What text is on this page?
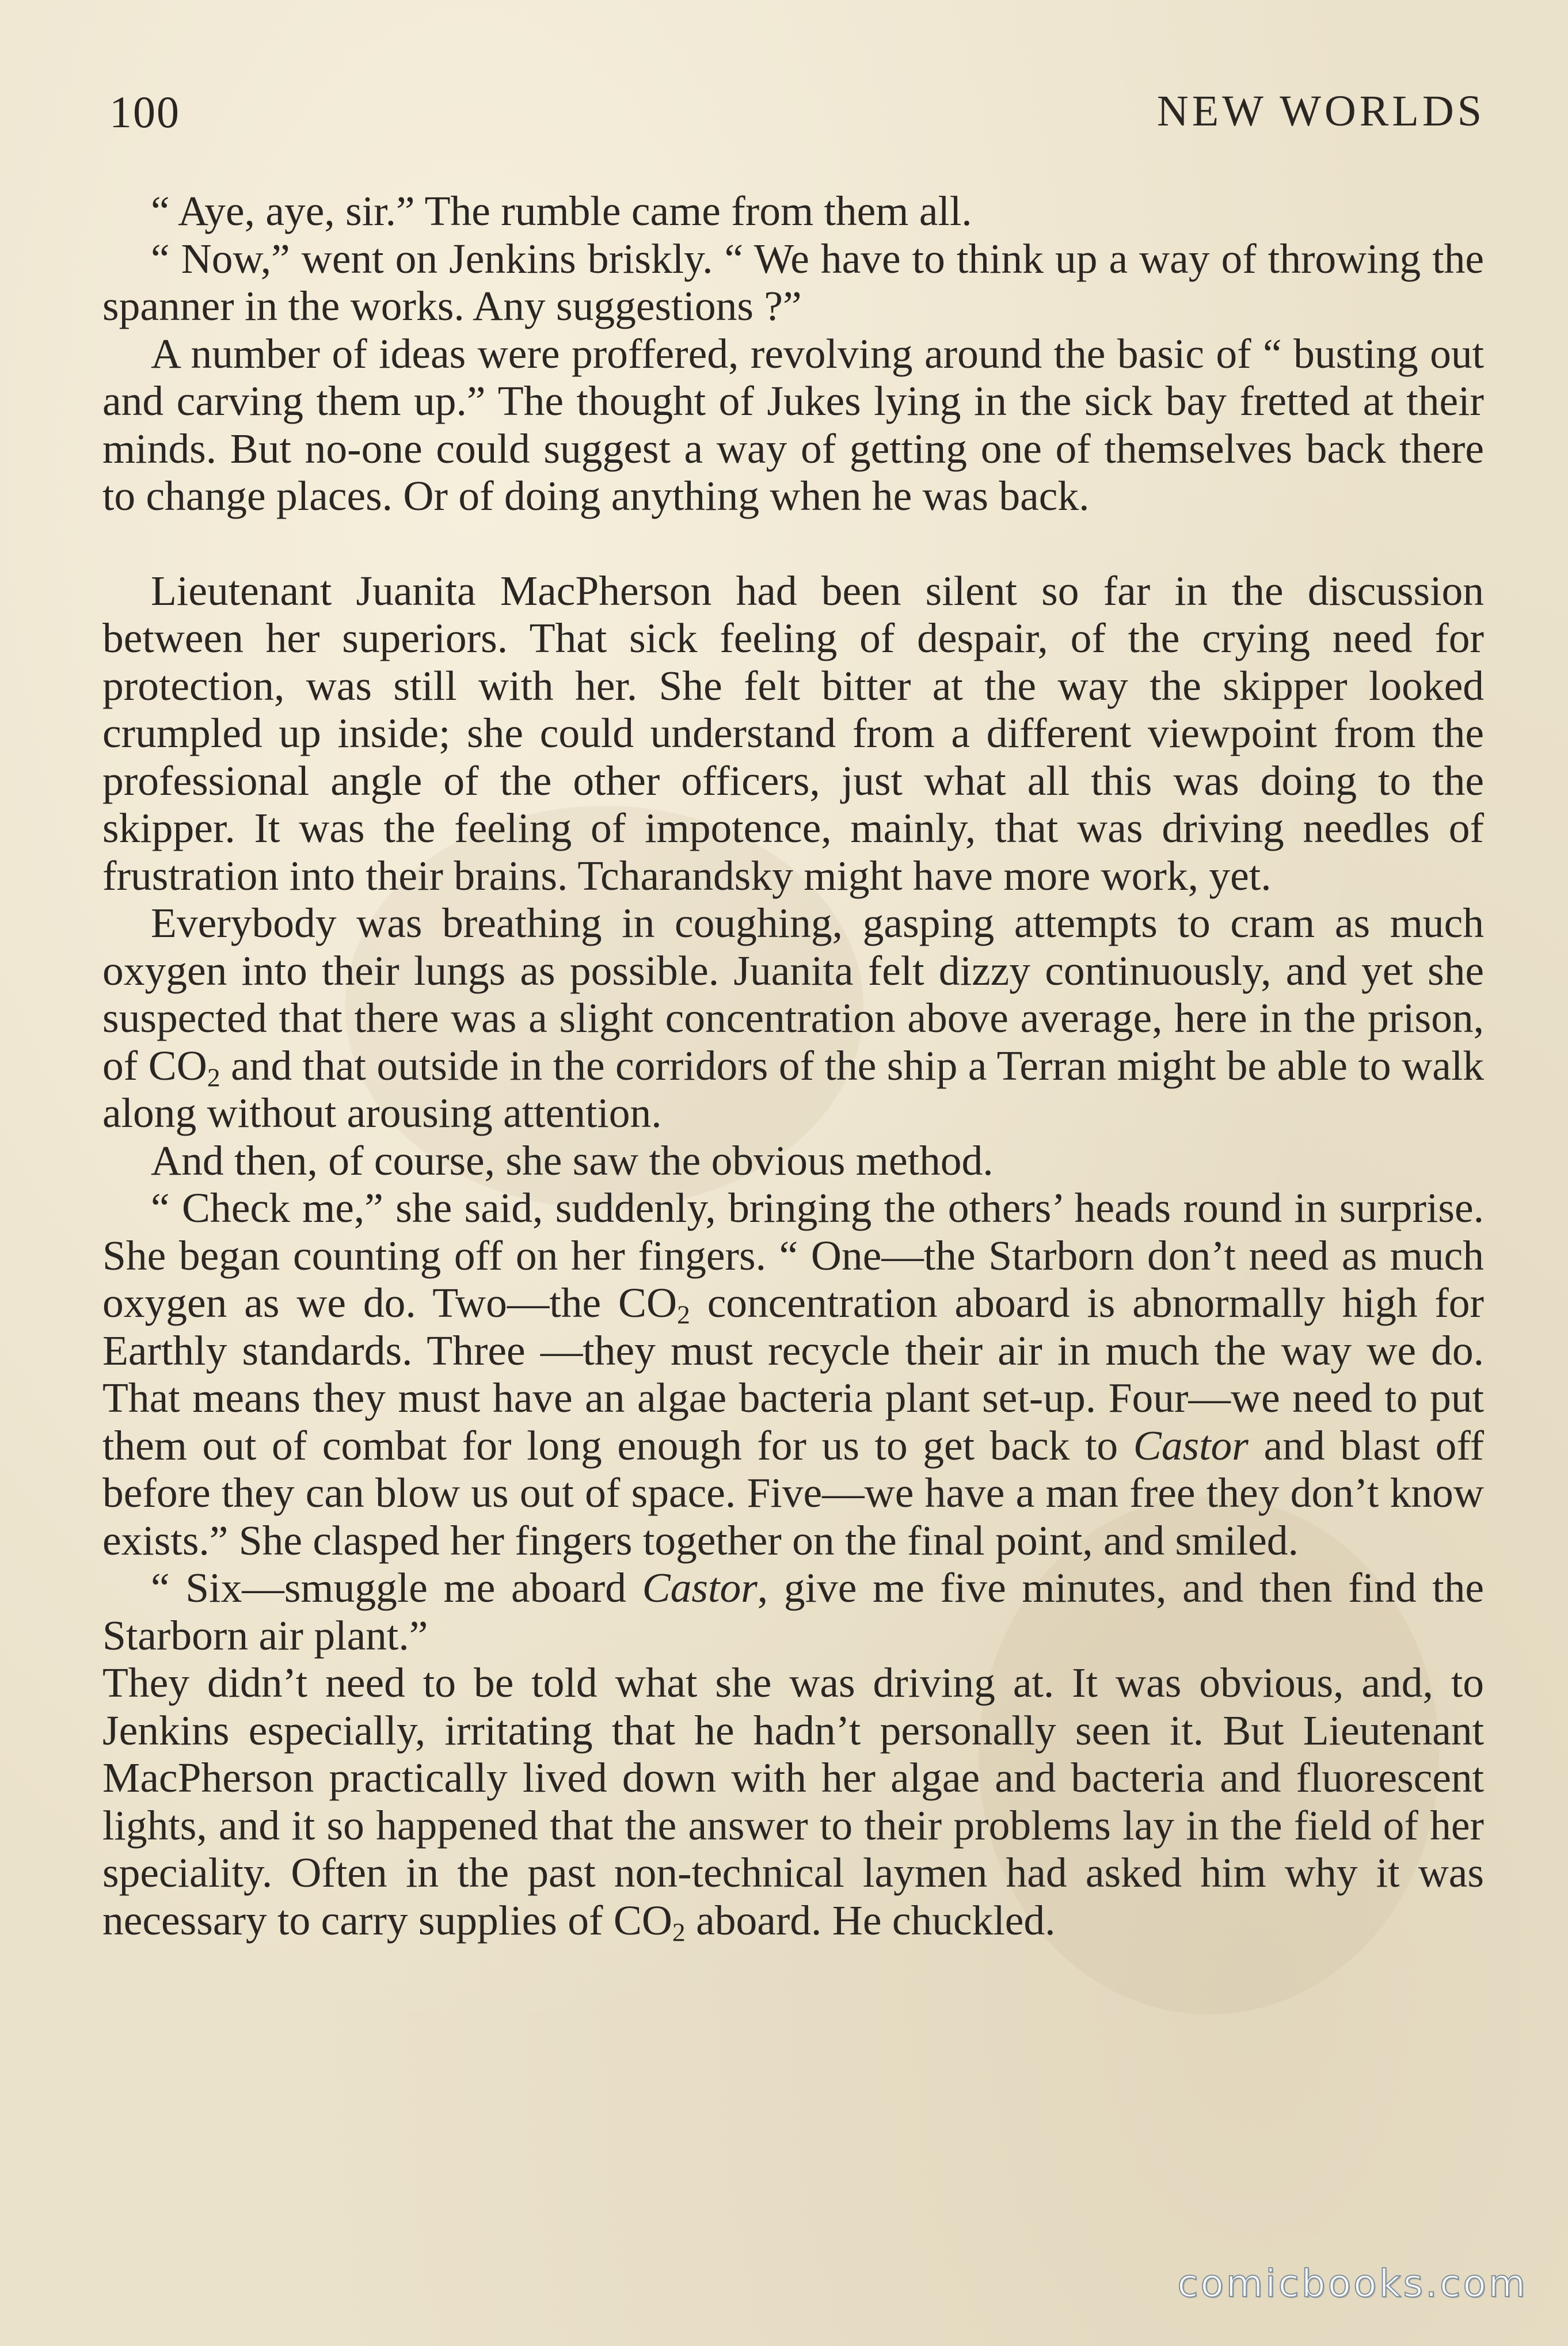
100	NEW WORLDS

“ Aye, aye, sir.” The rumble came from them all.

“ Now,” went on Jenkins briskly. “ We have to think up a way of throwing the spanner in the works. Any suggestions ?”

A number of ideas were proffered, revolving around the basic of “ busting out and carving them up.” The thought of Jukes lying in the sick bay fretted at their minds. But no-one could suggest a way of getting one of themselves back there to change places. Or of doing anything when he was back.

Lieutenant Juanita MacPherson had been silent so far in the discussion between her superiors. That sick feeling of despair, of the crying need for protection, was still with her. She felt bitter at the way the skipper looked crumpled up inside; she could understand from a different viewpoint from the professional angle of the other officers, just what all this was doing to the skipper. It was the feeling of impotence, mainly, that was driving needles of frustration into their brains. Tcharandsky might have more work, yet.

Everybody was breathing in coughing, gasping attempts to cram as much oxygen into their lungs as possible. Juanita felt dizzy continuously, and yet she suspected that there was a slight concentration above average, here in the prison, of $CO_2$ and that outside in the corridors of the ship a Terran might be able to walk along without arousing attention.

And then, of course, she saw the obvious method.

“ Check me,” she said, suddenly, bringing the others’ heads round in surprise. She began counting off on her fingers. “ One—the Starborn don’t need as much oxygen as we do. Two—the $CO_2$ concentration aboard is abnormally high for Earthly standards. Three —they must recycle their air in much the way we do. That means they must have an algae bacteria plant set-up. Four—we need to put them out of combat for long enough for us to get back to Castor and blast off before they can blow us out of space. Five—we have a man free they don’t know exists.” She clasped her fingers together on the final point, and smiled.

“ Six—smuggle me aboard Castor, give me five minutes, and then find the Starborn air plant.”

They didn’t need to be told what she was driving at. It was obvious, and, to Jenkins especially, irritating that he hadn’t personally seen it. But Lieutenant MacPherson practically lived down with her algae and bacteria and fluorescent lights, and it so happened that the answer to their problems lay in the field of her speciality. Often in the past non-technical laymen had asked him why it was necessary to carry supplies of $CO_2$ aboard. He chuckled.

comicbooks.com
